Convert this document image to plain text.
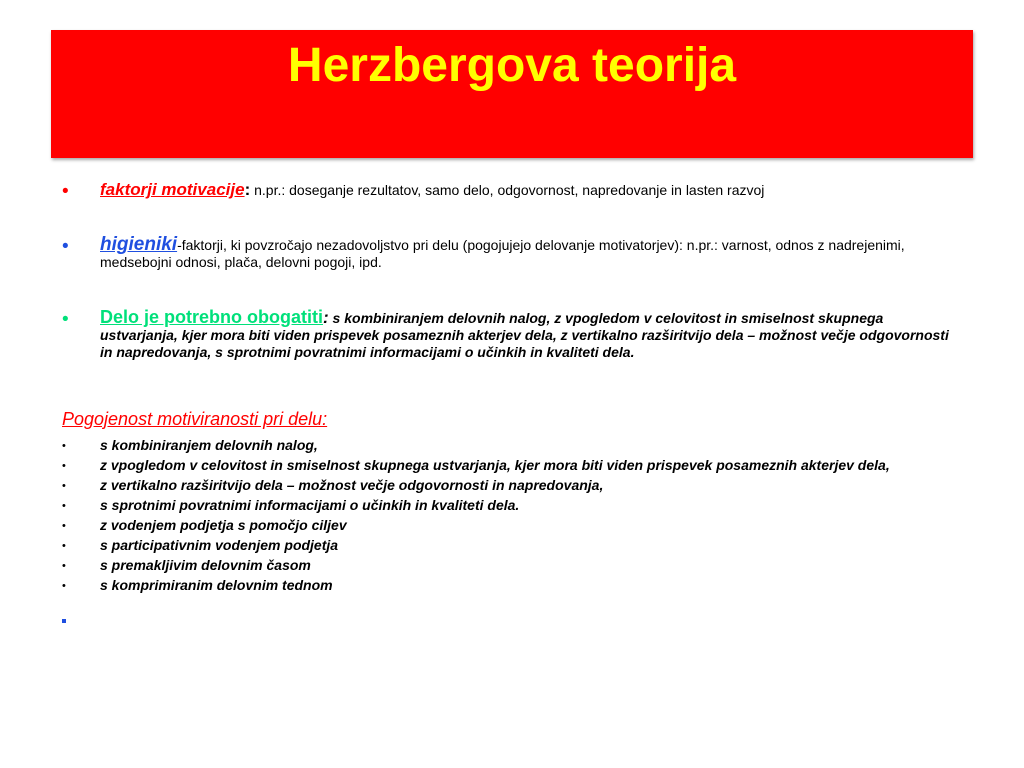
Herzbergova teorija
• faktorji motivacije: n.pr.: doseganje rezultatov, samo delo, odgovornost, napredovanje in lasten razvoj
• higieniki-faktorji, ki povzročajo nezadovoljstvo pri delu (pogojujejo delovanje motivatorjev): n.pr.: varnost, odnos z nadrejenimi, medsebojni odnosi, plača, delovni pogoji, ipd.
• Delo je potrebno obogatiti: s kombiniranjem delovnih nalog, z vpogledom v celovitost in smiselnost skupnega ustvarjanja, kjer mora biti viden prispevek posameznih akterjev dela, z vertikalno razširitvijo dela – možnost večje odgovornosti in napredovanja, s sprotnimi povratnimi informacijami o učinkih in kvaliteti dela.
Pogojenost motiviranosti pri delu:
• s kombiniranjem delovnih nalog,
• z vpogledom v celovitost in smiselnost skupnega ustvarjanja, kjer mora biti viden prispevek posameznih akterjev dela,
• z vertikalno razširitvijo dela – možnost večje odgovornosti in napredovanja,
• s sprotnimi povratnimi informacijami o učinkih in kvaliteti dela.
• z vodenjem podjetja s pomočjo ciljev
• s participativnim vodenjem podjetja
• s premakljivim delovnim časom
• s komprimiranim delovnim tednom
